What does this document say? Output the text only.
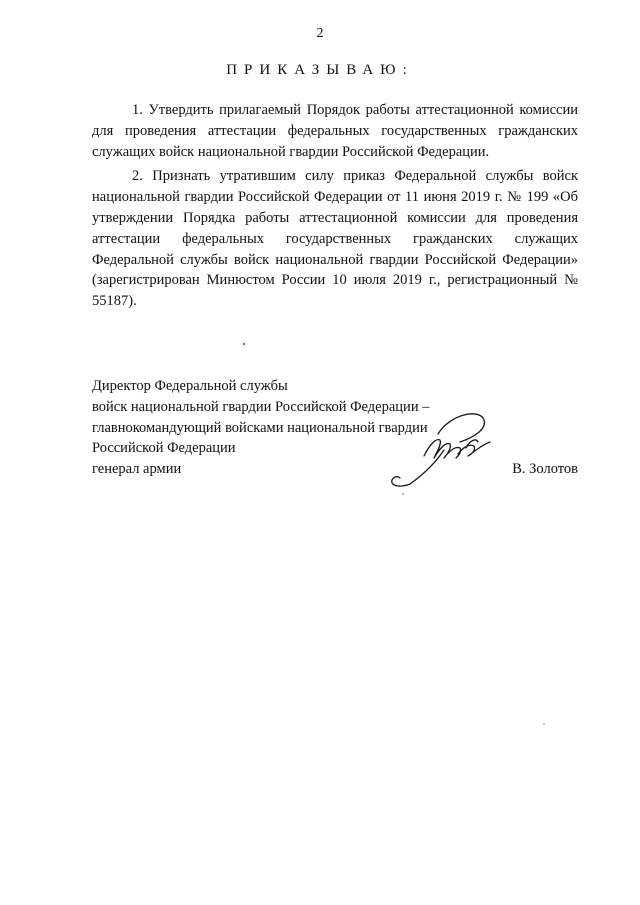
2
ПРИКАЗЫВАЮ:

1. Утвердить прилагаемый Порядок работы аттестационной комиссии для проведения аттестации федеральных государственных гражданских служащих войск национальной гвардии Российской Федерации.

2. Признать утратившим силу приказ Федеральной службы войск национальной гвардии Российской Федерации от 11 июня 2019 г. № 199 «Об утверждении Порядка работы аттестационной комиссии для проведения аттестации федеральных государственных гражданских служащих Федеральной службы войск национальной гвардии Российской Федерации» (зарегистрирован Минюстом России 10 июля 2019 г., регистрационный № 55187).

Директор Федеральной службы
войск национальной гвардии Российской Федерации –
главнокомандующий войсками национальной гвардии
Российской Федерации
генерал армии	В. Золотов
